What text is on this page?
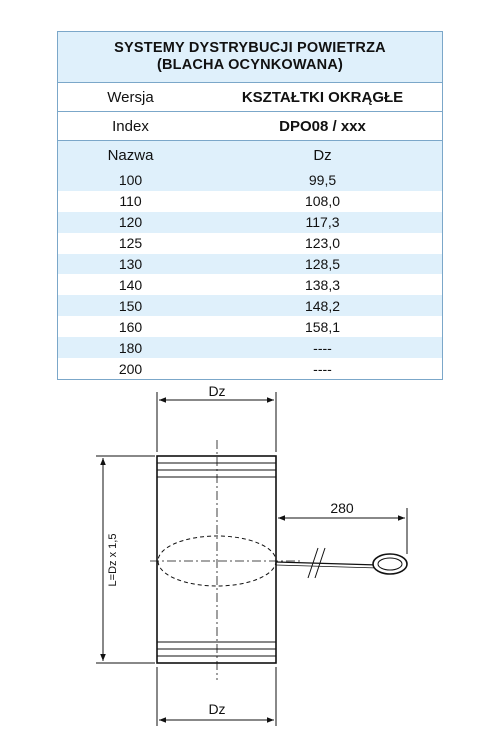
SYSTEMY DYSTRYBUCJI POWIETRZA
(BLACHA OCYNKOWANA)
Wersja	KSZTAŁTKI OKRĄGŁE
Index	DPO08 / xxx
Nazwa	Dz
100	99,5
110	108,0
120	117,3
125	123,0
130	128,5
140	138,3
150	148,2
160	158,1
180	----
200	----
Dz
L=Dz x 1,5
280
Dz
